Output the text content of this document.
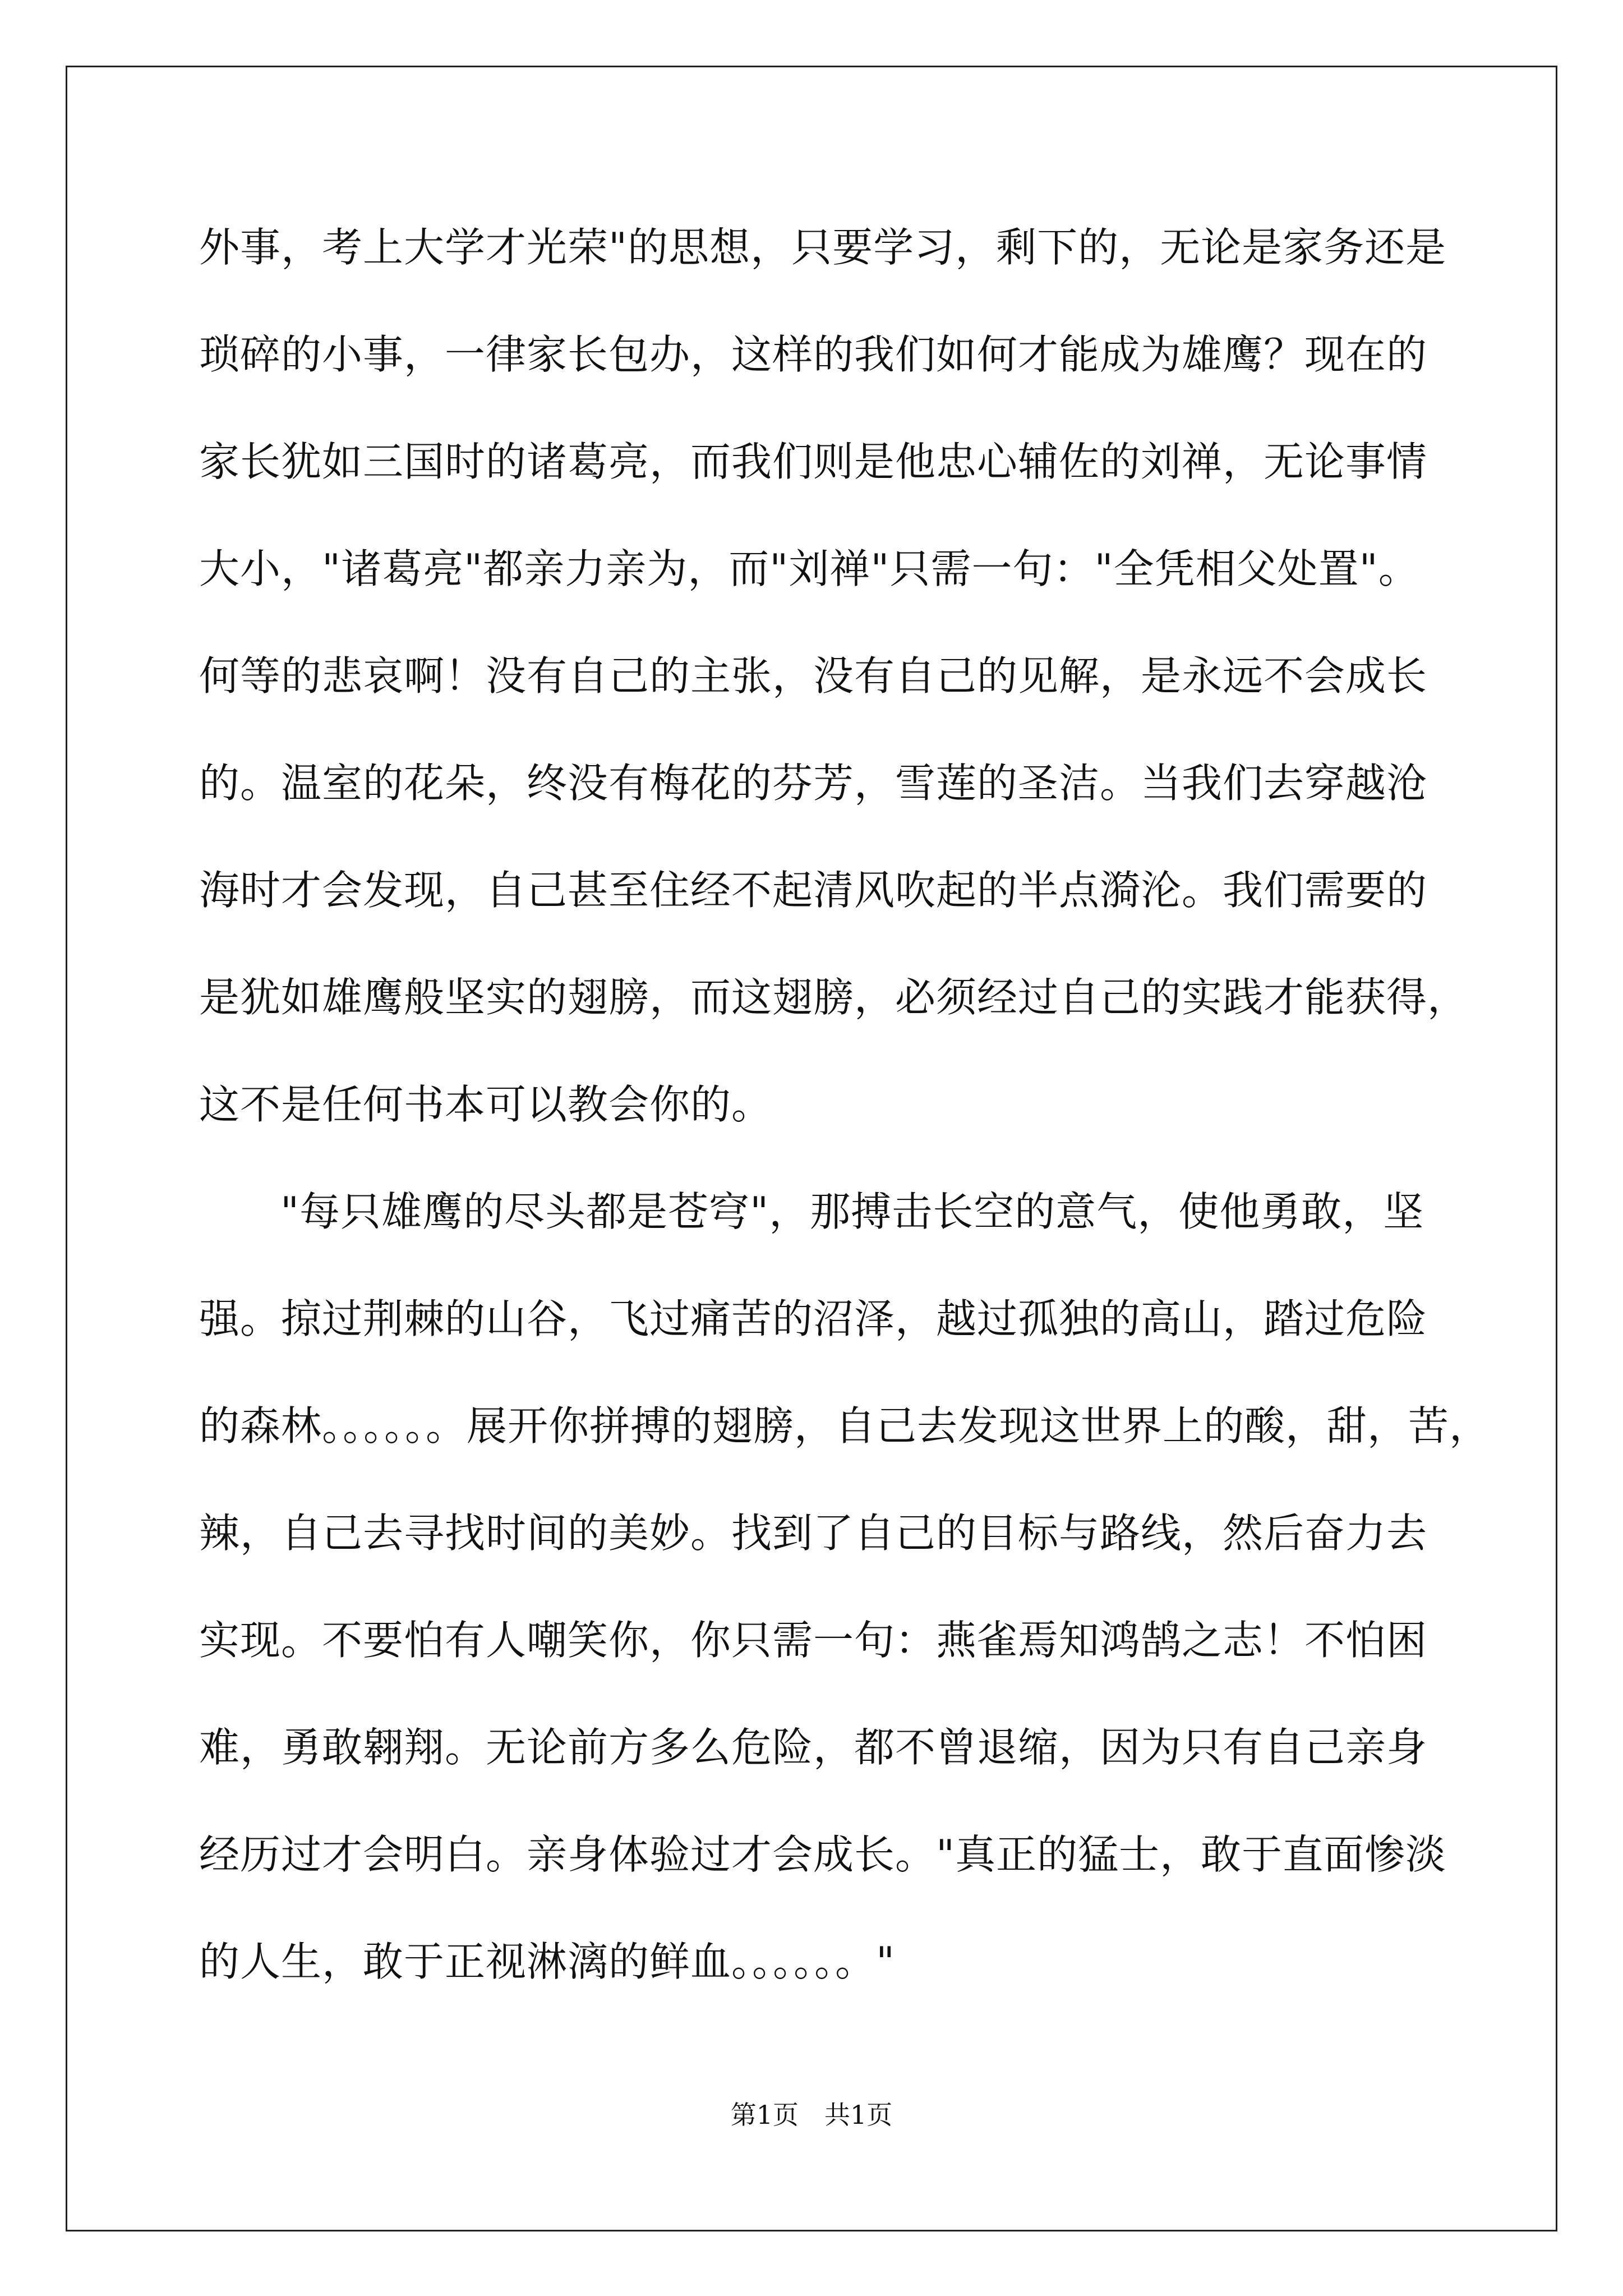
外事，考上大学才光荣"的思想，只要学习，剩下的，无论是家务还是
琐碎的小事，一律家长包办，这样的我们如何才能成为雄鹰？现在的
家长犹如三国时的诸葛亮，而我们则是他忠心辅佐的刘禅，无论事情
大小，"诸葛亮"都亲力亲为，而"刘禅"只需一句："全凭相父处置"。
何等的悲哀啊！没有自己的主张，没有自己的见解，是永远不会成长
的。温室的花朵，终没有梅花的芬芳，雪莲的圣洁。当我们去穿越沧
海时才会发现，自己甚至住经不起清风吹起的半点漪沦。我们需要的
是犹如雄鹰般坚实的翅膀，而这翅膀，必须经过自己的实践才能获得，
这不是任何书本可以教会你的。
"每只雄鹰的尽头都是苍穹"，那搏击长空的意气，使他勇敢，坚
强。掠过荆棘的山谷，飞过痛苦的沼泽，越过孤独的高山，踏过危险
的森林。。。。。。展开你拼搏的翅膀，自己去发现这世界上的酸，甜，苦，
辣，自己去寻找时间的美妙。找到了自己的目标与路线，然后奋力去
实现。不要怕有人嘲笑你，你只需一句：燕雀焉知鸿鹄之志！不怕困
难，勇敢翱翔。无论前方多么危险，都不曾退缩，因为只有自己亲身
经历过才会明白。亲身体验过才会成长。"真正的猛士，敢于直面惨淡
的人生，敢于正视淋漓的鲜血。。。。。。"
第1页　共1页
